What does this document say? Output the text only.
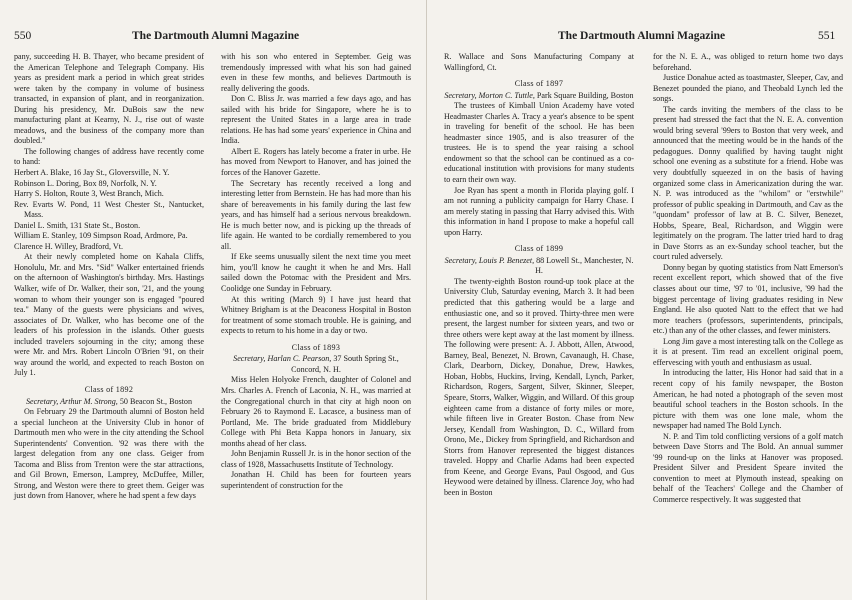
550	The Dartmouth Alumni Magazine

pany, succeeding H. B. Thayer, who became president of the American Telephone and Telegraph Company. His years as president mark a period in which great strides were taken by the company in volume of business transacted, in expansion of plant, and in reorganization. During his presidency, Mr. DuBois saw the new manufacturing plant at Kearny, N. J., rise out of waste meadows, and the business of the company more than doubled."

The following changes of address have recently come to hand:

Herbert A. Blake, 16 Jay St., Gloversville, N. Y.

Robinson L. Doring, Box 89, Norfolk, N. Y.

Harry S. Holton, Route 3, West Branch, Mich.

Rev. Evarts W. Pond, 11 West Chester St., Nantucket, Mass.

Daniel L. Smith, 131 State St., Boston.

William E. Stanley, 109 Simpson Road, Ardmore, Pa.

Clarence H. Willey, Bradford, Vt.

At their newly completed home on Kahala Cliffs, Honolulu, Mr. and Mrs. "Sid" Walker entertained friends on the afternoon of Washington's birthday. Mrs. Hastings Walker, wife of Dr. Walker, their son, '21, and the young woman to whom their younger son is engaged "poured tea." Many of the guests were physicians and wives, associates of Dr. Walker, who has become one of the leaders of his profession in the islands. Other guests included travelers sojourning in the city; among these were Mr. and Mrs. Robert Lincoln O'Brien '91, on their way around the world, and expected to reach Boston on July 1.

Class of 1892

Secretary, Arthur M. Strong, 50 Beacon St., Boston

On February 29 the Dartmouth alumni of Boston held a special luncheon at the University Club in honor of Dartmouth men who were in the city attending the School Superintendents' Convention. '92 was there with the largest delegation from any one class. Geiger from Tacoma and Bliss from Trenton were the star attractions, and Gil Brown, Emerson, Lamprey, McDuffee, Miller, Strong, and Weston were there to greet them. Geiger was just down from Hanover, where he had spent a few days

with his son who entered in September. Geig was tremendously impressed with what his son had gained even in these few months, and believes Dartmouth is really delivering the goods.

Don C. Bliss Jr. was married a few days ago, and has sailed with his bride for Singapore, where he is to represent the United States in a large area in trade relations. He has had some years' experience in China and India.

Albert E. Rogers has lately become a frater in urbe. He has moved from Newport to Hanover, and has joined the forces of the Hanover Gazette.

The Secretary has recently received a long and interesting letter from Bernstein. He has had more than his share of bereavements in his family during the last few years, and has himself had a serious nervous breakdown. He is much better now, and is picking up the threads of life again. He wanted to be cordially remembered to you all.

If Eke seems unusually silent the next time you meet him, you'll know he caught it when he and Mrs. Hall sailed down the Potomac with the President and Mrs. Coolidge one Sunday in February.

At this writing (March 9) I have just heard that Whitney Brigham is at the Deaconess Hospital in Boston for treatment of some stomach trouble. He is gaining, and expects to return to his home in a day or two.

Class of 1893

Secretary, Harlan C. Pearson, 37 South Spring St., Concord, N. H.

Miss Helen Holyoke French, daughter of Colonel and Mrs. Charles A. French of Laconia, N. H., was married at the Congregational church in that city at high noon on February 26 to Raymond E. Lacasce, a business man of Portland, Me. The bride graduated from Middlebury College with Phi Beta Kappa honors in January, six months ahead of her class.

John Benjamin Russell Jr. is in the honor section of the class of 1928, Massachusetts Institute of Technology.

Jonathan H. Child has been for fourteen years superintendent of construction for the

The Dartmouth Alumni Magazine	551

R. Wallace and Sons Manufacturing Company at Wallingford, Ct.

Class of 1897

Secretary, Morton C. Tuttle, Park Square Building, Boston

The trustees of Kimball Union Academy have voted Headmaster Charles A. Tracy a year's absence to be spent in traveling for benefit of the school. He has been headmaster since 1905, and is also treasurer of the trustees. He is to spend the year raising a school endowment so that the school can be continued as a co-educational institution with provisions for many students to earn their own way.

Joe Ryan has spent a month in Florida playing golf. I am not running a publicity campaign for Harry Chase. I am merely stating in passing that Harry advised this. With this information in hand I propose to make a hopeful call upon Harry.

Class of 1899

Secretary, Louis P. Benezet, 88 Lowell St., Manchester, N. H.

The twenty-eighth Boston round-up took place at the University Club, Saturday evening, March 3. It had been predicted that this gathering would be a large and enthusiastic one, and so it proved. Thirty-three men were present, the largest number for sixteen years, and two or three others were kept away at the last moment by illness. The following were present: A. J. Abbott, Allen, Atwood, Barney, Beal, Benezet, N. Brown, Cavanaugh, H. Chase, Clark, Dearborn, Dickey, Donahue, Drew, Hawkes, Hoban, Hobbs, Huckins, Irving, Kendall, Lynch, Parker, Richardson, Rogers, Sargent, Silver, Skinner, Sleeper, Speare, Storrs, Walker, Wiggin, and Willard. Of this group eighteen came from a distance of forty miles or more, while fifteen live in Greater Boston. Chase from New Jersey, Kendall from Washington, D. C., Willard from Orono, Me., Dickey from Springfield, and Richardson and Storrs from Hanover represented the biggest distances traveled. Hoppy and Charlie Adams had been expected from Keene, and George Evans, Paul Osgood, and Gus Heywood were detained by illness. Clarence Joy, who had been in Boston

for the N. E. A., was obliged to return home two days beforehand.

Justice Donahue acted as toastmaster, Sleeper, Cav, and Benezet pounded the piano, and Theobald Lynch led the songs.

The cards inviting the members of the class to be present had stressed the fact that the N. E. A. convention would bring several '99ers to Boston that very week, and announced that the meeting would be in the hands of the pedagogues. Donny qualified by having taught night school one evening as a substitute for a friend. Hobe was very doubtfully squeezed in on the basis of having organized some class in Americanization during the war. N. P. was introduced as the "whilom" or "erstwhile" professor of public speaking in Dartmouth, and Cav as the "quondam" professor of law at B. C. Silver, Benezet, Hobbs, Speare, Beal, Richardson, and Wiggin were legitimately on the program. The latter tried hard to drag in Dave Storrs as an ex-Sunday school teacher, but the court ruled adversely.

Donny began by quoting statistics from Natt Emerson's recent excellent report, which showed that of the five classes about our time, '97 to '01, inclusive, '99 had the biggest percentage of living graduates residing in New England. He also quoted Natt to the effect that we had more teachers (professors, superintendents, principals, etc.) than any of the other classes, and fewer ministers.

Long Jim gave a most interesting talk on the College as it is at present. Tim read an excellent original poem, effervescing with youth and enthusiasm as usual.

In introducing the latter, His Honor had said that in a recent copy of his family newspaper, the Boston American, he had noted a photograph of the seven most beautiful school teachers in the Boston schools. In the picture with them was one lone male, whom the newspaper had named The Bold Lynch.

N. P. and Tim told conflicting versions of a golf match between Dave Storrs and The Bold. An annual summer '99 round-up on the links at Hanover was proposed. President Silver and President Speare invited the convention to meet at Plymouth instead, speaking on behalf of the Teachers' College and the Chamber of Commerce respectively. It was suggested that
